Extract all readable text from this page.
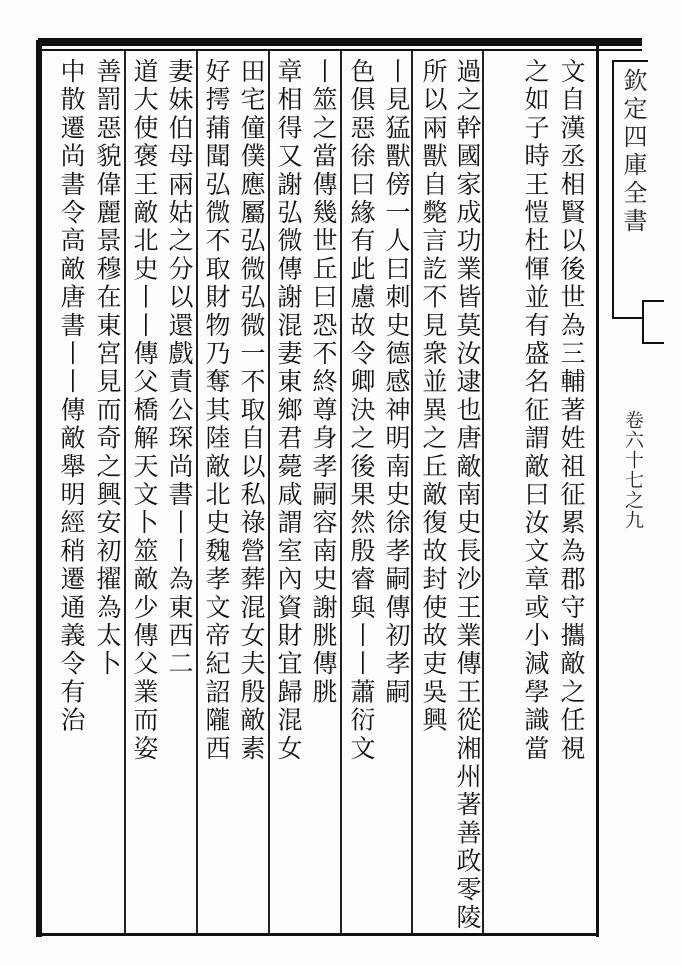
欽定四庫全書
卷六十七之九
文自漢丞相賢以後世為三輔著姓祖征累為郡守攜敵之任視
之如子時王愷杜惲並有盛名征謂敵曰汝文章或小減學識當
過之幹國家成功業皆莫汝逮也唐敵南史長沙王業傳王從湘州著善政零陵
所以兩獸自斃言訖不見衆並異之丘敵復故封使故吏吳興
丨見猛獸傍一人曰刺史德感神明南史徐孝嗣傳初孝嗣
色俱惡徐曰緣有此慮故令卿決之後果然殷睿與丨丨蕭衍文
丨筮之當傳幾世丘曰恐不終尊身孝嗣容南史謝朓傳朓
章相得又謝弘微傳謝混妻東鄉君薨咸謂室內資財宜歸混女
田宅僮僕應屬弘微弘微一不取自以私祿營葬混女夫殷敵素
好摴蒱聞弘微不取財物乃奪其陸敵北史魏孝文帝紀詔隴西
妻妹伯母兩姑之分以還戲責公琛尚書丨丨為東西二
道大使褒王敵北史丨丨傳父橋解天文卜筮敵少傳父業而姿
善罰惡貌偉麗景穆在東宮見而奇之興安初擢為太卜
中散遷尚書令高敵唐書丨丨傳敵舉明經稍遷通義令有治
